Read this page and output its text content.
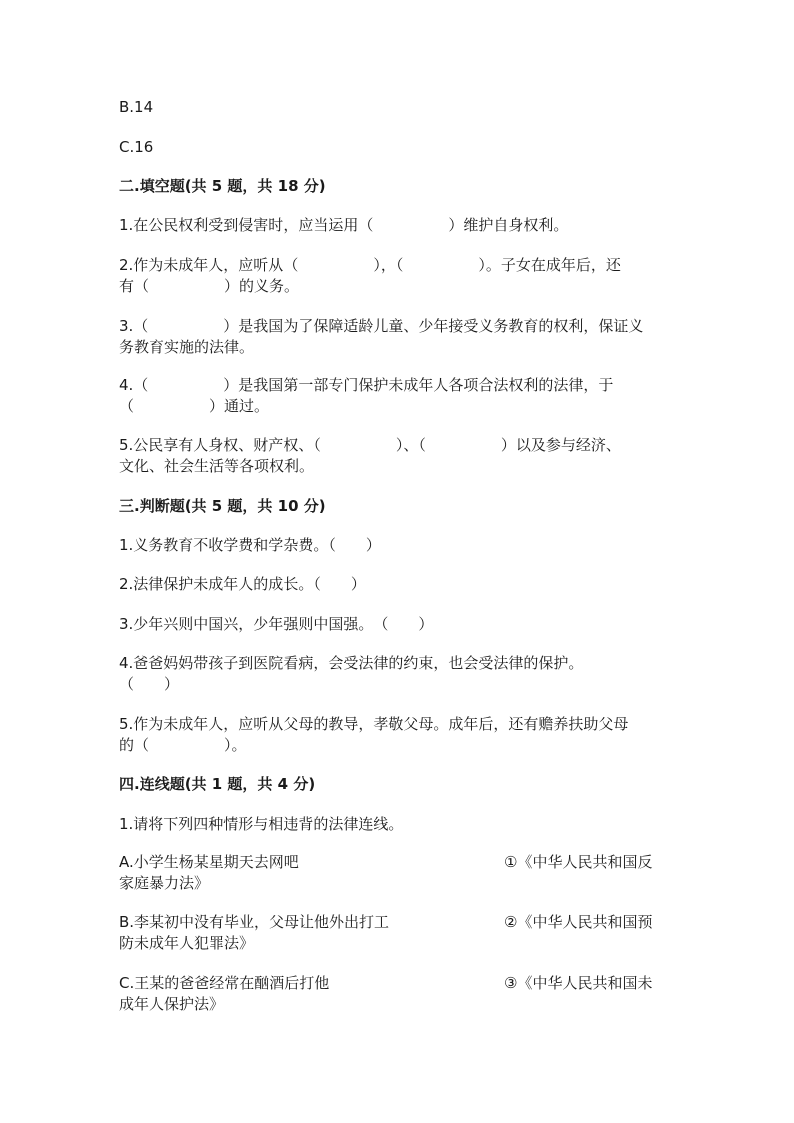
B.14
C.16
二.填空题(共 5 题，共 18 分)
1.在公民权利受到侵害时，应当运用（　　　　　）维护自身权利。
2.作为未成年人，应听从（　　　　　），（　　　　　）。子女在成年后，还
有（　　　　　）的义务。
3.（　　　　　）是我国为了保障适龄儿童、少年接受义务教育的权利，保证义
务教育实施的法律。
4.（　　　　　）是我国第一部专门保护未成年人各项合法权利的法律，于
（　　　　　）通过。
5.公民享有人身权、财产权、（　　　　　）、（　　　　　）以及参与经济、
文化、社会生活等各项权利。
三.判断题(共 5 题，共 10 分)
1.义务教育不收学费和学杂费。（　　）
2.法律保护未成年人的成长。（　　）
3.少年兴则中国兴，少年强则中国强。　（　　）
4.爸爸妈妈带孩子到医院看病，会受法律的约束，也会受法律的保护。
（　　）
5.作为未成年人，应听从父母的教导，孝敬父母。成年后，还有赡养扶助父母
的（　　　　　）。
四.连线题(共 1 题，共 4 分)
1.请将下列四种情形与相违背的法律连线。
A.小学生杨某星期天去网吧	①《中华人民共和国反
家庭暴力法》
B.李某初中没有毕业，父母让他外出打工	②《中华人民共和国预
防未成年人犯罪法》
C.王某的爸爸经常在酗酒后打他	③《中华人民共和国未
成年人保护法》
